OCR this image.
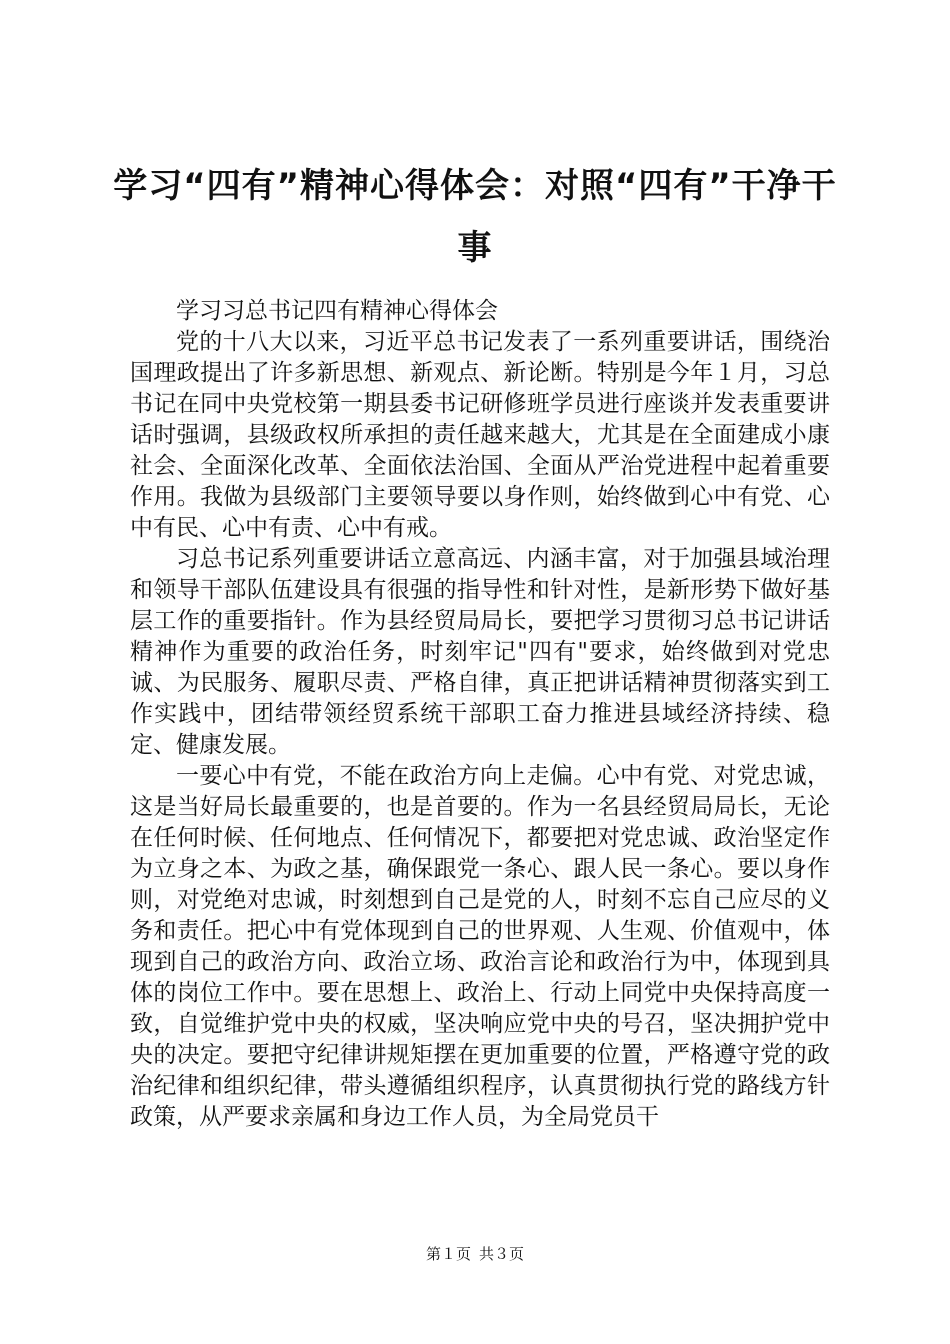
学习“四有”精神心得体会：对照“四有”干净干事

学习习总书记四有精神心得体会

党的十八大以来，习近平总书记发表了一系列重要讲话，围绕治国理政提出了许多新思想、新观点、新论断。特别是今年１月，习总书记在同中央党校第一期县委书记研修班学员进行座谈并发表重要讲话时强调，县级政权所承担的责任越来越大，尤其是在全面建成小康社会、全面深化改革、全面依法治国、全面从严治党进程中起着重要作用。我做为县级部门主要领导要以身作则，始终做到心中有党、心中有民、心中有责、心中有戒。

习总书记系列重要讲话立意高远、内涵丰富，对于加强县域治理和领导干部队伍建设具有很强的指导性和针对性，是新形势下做好基层工作的重要指针。作为县经贸局局长，要把学习贯彻习总书记讲话精神作为重要的政治任务，时刻牢记"四有"要求，始终做到对党忠诚、为民服务、履职尽责、严格自律，真正把讲话精神贯彻落实到工作实践中，团结带领经贸系统干部职工奋力推进县域经济持续、稳定、健康发展。

一要心中有党，不能在政治方向上走偏。心中有党、对党忠诚，这是当好局长最重要的，也是首要的。作为一名县经贸局局长，无论在任何时候、任何地点、任何情况下，都要把对党忠诚、政治坚定作为立身之本、为政之基，确保跟党一条心、跟人民一条心。要以身作则，对党绝对忠诚，时刻想到自己是党的人，时刻不忘自己应尽的义务和责任。把心中有党体现到自己的世界观、人生观、价值观中，体现到自己的政治方向、政治立场、政治言论和政治行为中，体现到具体的岗位工作中。要在思想上、政治上、行动上同党中央保持高度一致，自觉维护党中央的权威，坚决响应党中央的号召，坚决拥护党中央的决定。要把守纪律讲规矩摆在更加重要的位置，严格遵守党的政治纪律和组织纪律，带头遵循组织程序，认真贯彻执行党的路线方针政策，从严要求亲属和身边工作人员，为全局党员干

第１页 共３页
